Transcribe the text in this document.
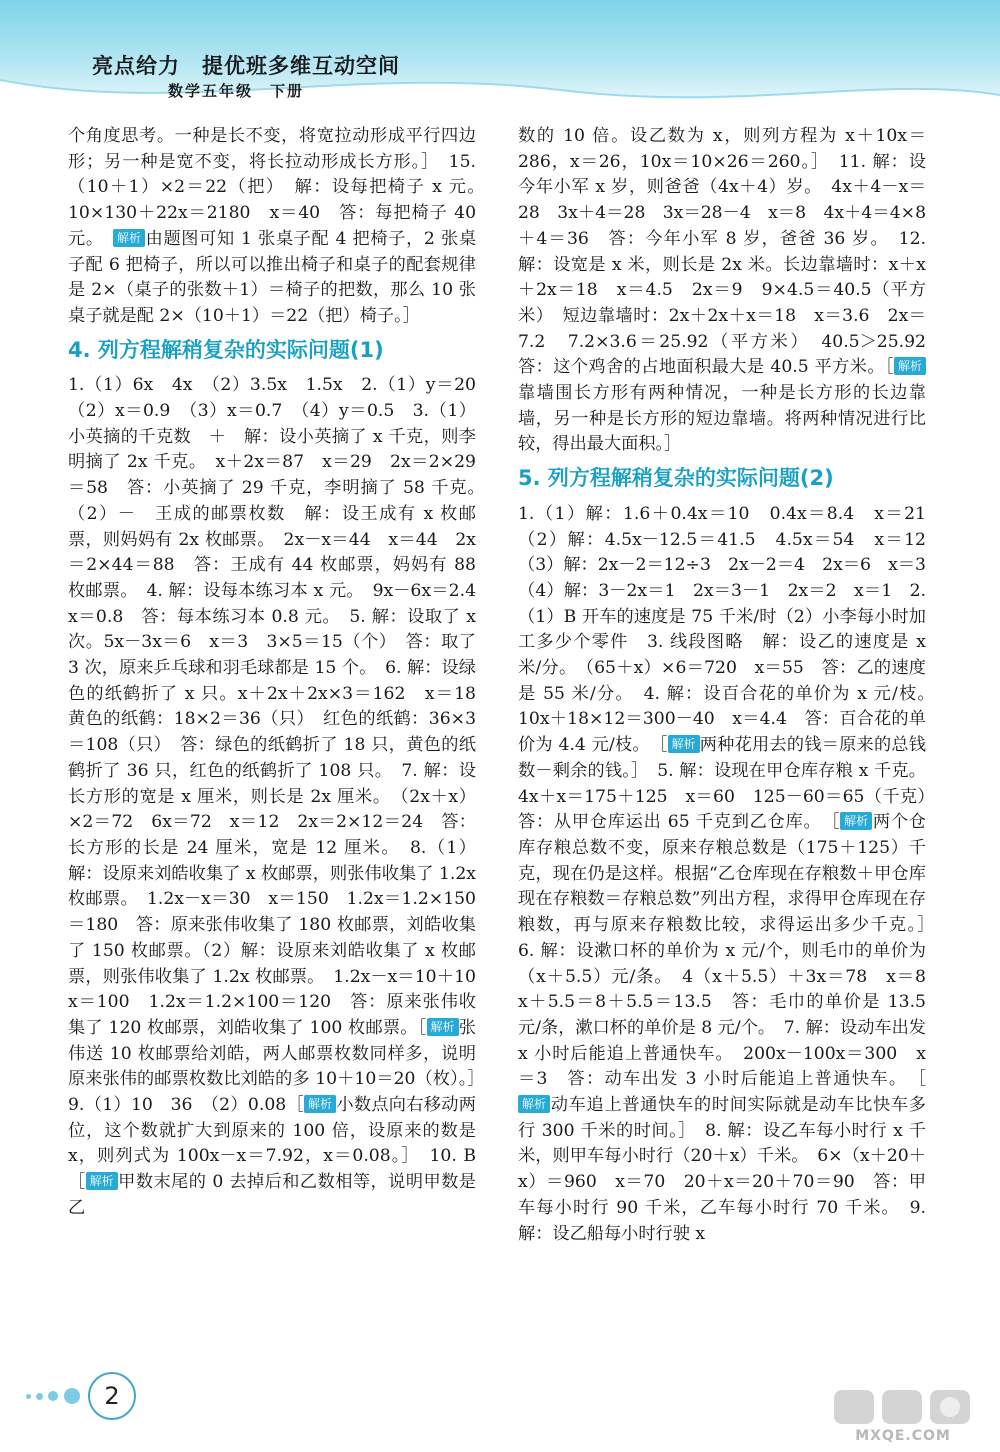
亮点给力　提优班多维互动空间
数学五年级　下册

个角度思考。一种是长不变，将宽拉动形成平行四边形；另一种是宽不变，将长拉动形成长方形。］　15.（10＋1）×2＝22（把）　解：设每把椅子 x 元。　10×130＋22x＝2180　x＝40　答：每把椅子 40 元。　解析 由题图可知 1 张桌子配 4 把椅子，2 张桌子配 6 把椅子，所以可以推出椅子和桌子的配套规律是 2×（桌子的张数＋1）＝椅子的把数，那么 10 张桌子就是配 2×（10＋1）＝22（把）椅子。］

4. 列方程解稍复杂的实际问题(1)

1.（1）6x　4x　（2）3.5x　1.5x　2.（1）y＝20　（2）x＝0.9　（3）x＝0.7　（4）y＝0.5　3.（1）小英摘的千克数　＋　解：设小英摘了 x 千克，则李明摘了 2x 千克。　x＋2x＝87　x＝29　2x＝2×29＝58　答：小英摘了 29 千克，李明摘了 58 千克。　（2）－　王成的邮票枚数　解：设王成有 x 枚邮票，则妈妈有 2x 枚邮票。　2x－x＝44　x＝44　2x＝2×44＝88　答：王成有 44 枚邮票，妈妈有 88 枚邮票。　4. 解：设每本练习本 x 元。　9x－6x＝2.4　x＝0.8　答：每本练习本 0.8 元。　5. 解：设取了 x 次。5x－3x＝6　x＝3　3×5＝15（个）　答：取了 3 次，原来乒乓球和羽毛球都是 15 个。　6. 解：设绿色的纸鹤折了 x 只。x＋2x＋2x×3＝162　x＝18　黄色的纸鹤：18×2＝36（只）　红色的纸鹤：36×3＝108（只）　答：绿色的纸鹤折了 18 只，黄色的纸鹤折了 36 只，红色的纸鹤折了 108 只。　7. 解：设长方形的宽是 x 厘米，则长是 2x 厘米。　（2x＋x）×2＝72　6x＝72　x＝12　2x＝2×12＝24　答：长方形的长是 24 厘米，宽是 12 厘米。　8.（1）解：设原来刘皓收集了 x 枚邮票，则张伟收集了 1.2x 枚邮票。　1.2x－x＝30　x＝150　1.2x＝1.2×150＝180　答：原来张伟收集了 180 枚邮票，刘皓收集了 150 枚邮票。（2）解：设原来刘皓收集了 x 枚邮票，则张伟收集了 1.2x 枚邮票。　1.2x－x＝10＋10　x＝100　1.2x＝1.2×100＝120　答：原来张伟收集了 120 枚邮票，刘皓收集了 100 枚邮票。［ 解析 张伟送 10 枚邮票给刘皓，两人邮票枚数同样多，说明原来张伟的邮票枚数比刘皓的多 10＋10＝20（枚）。］　9.（1）10　36　（2）0.08［ 解析 小数点向右移动两位，这个数就扩大到原来的 100 倍，设原来的数是 x，则列式为 100x－x＝7.92，x＝0.08。］　10. B　［ 解析 甲数末尾的 0 去掉后和乙数相等，说明甲数是乙

数的 10 倍。设乙数为 x，则列方程为 x＋10x＝286，x＝26，10x＝10×26＝260。］　11. 解：设今年小军 x 岁，则爸爸（4x＋4）岁。　4x＋4－x＝28　3x＋4＝28　3x＝28－4　x＝8　4x＋4＝4×8＋4＝36　答：今年小军 8 岁，爸爸 36 岁。　12. 解：设宽是 x 米，则长是 2x 米。长边靠墙时：x＋x＋2x＝18　x＝4.5　2x＝9　9×4.5＝40.5（平方米）　短边靠墙时：2x＋2x＋x＝18　x＝3.6　2x＝7.2　7.2×3.6＝25.92（平方米）　40.5＞25.92　答：这个鸡舍的占地面积最大是 40.5 平方米。［ 解析靠墙围长方形有两种情况，一种是长方形的长边靠墙，另一种是长方形的短边靠墙。将两种情况进行比较，得出最大面积。］

5. 列方程解稍复杂的实际问题(2)

1.（1）解：1.6＋0.4x＝10　0.4x＝8.4　x＝21（2）解：4.5x－12.5＝41.5　4.5x＝54　x＝12（3）解：2x－2＝12÷3　2x－2＝4　2x＝6　x＝3　（4）解：3－2x＝1　2x＝3－1　2x＝2　x＝1　2.（1）B 开车的速度是 75 千米/时（2）小李每小时加工多少个零件　3. 线段图略　解：设乙的速度是 x 米/分。　（65＋x）×6＝720　x＝55　答：乙的速度是 55 米/分。　4. 解：设百合花的单价为 x 元/枝。　10x＋18×12＝300－40　x＝4.4　答：百合花的单价为 4.4 元/枝。　［ 解析 两种花用去的钱＝原来的总钱数－剩余的钱。］　5. 解：设现在甲仓库存粮 x 千克。4x＋x＝175＋125　x＝60　125－60＝65（千克）　答：从甲仓库运出 65 千克到乙仓库。　［ 解析 两个仓库存粮总数不变，原来存粮总数是（175＋125）千克，现在仍是这样。根据“乙仓库现在存粮数＋甲仓库现在存粮数＝存粮总数”列出方程，求得甲仓库现在存粮数，再与原来存粮数比较，求得运出多少千克。］　6. 解：设漱口杯的单价为 x 元/个，则毛巾的单价为（x＋5.5）元/条。　4（x＋5.5）＋3x＝78　x＝8　x＋5.5＝8＋5.5＝13.5　答：毛巾的单价是 13.5 元/条，漱口杯的单价是 8 元/个。　7. 解：设动车出发 x 小时后能追上普通快车。　200x－100x＝300　x＝3　答：动车出发 3 小时后能追上普通快车。　［解析 动车追上普通快车的时间实际就是动车比快车多行 300 千米的时间。］　8. 解：设乙车每小时行 x 千米，则甲车每小时行（20＋x）千米。　6×（x＋20＋x）＝960　x＝70　20＋x＝20＋70＝90　答：甲车每小时行 90 千米，乙车每小时行 70 千米。　9. 解：设乙船每小时行驶 x

2
MXQE.COM
